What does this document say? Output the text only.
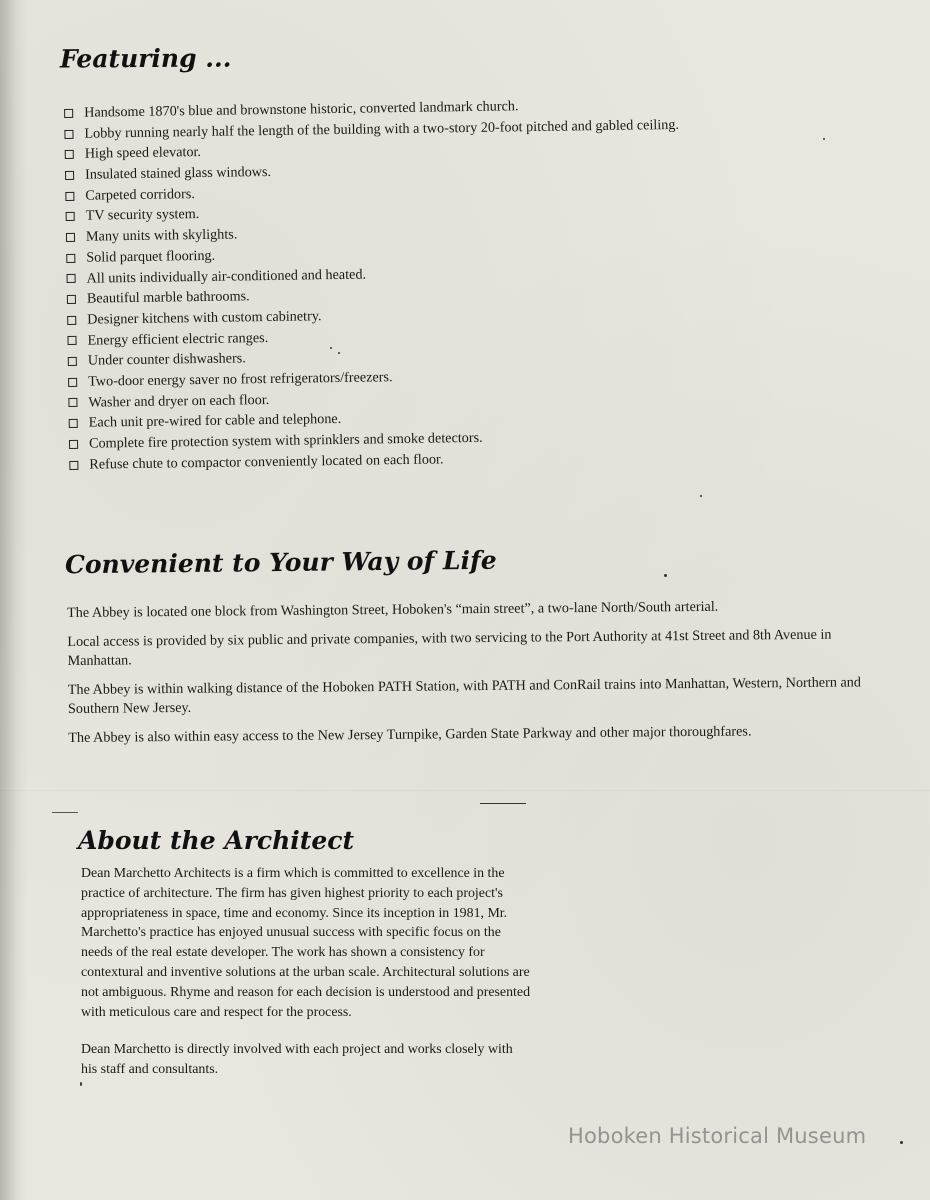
Featuring ...
Handsome 1870's blue and brownstone historic, converted landmark church.
Lobby running nearly half the length of the building with a two-story 20-foot pitched and gabled ceiling.
High speed elevator.
Insulated stained glass windows.
Carpeted corridors.
TV security system.
Many units with skylights.
Solid parquet flooring.
All units individually air-conditioned and heated.
Beautiful marble bathrooms.
Designer kitchens with custom cabinetry.
Energy efficient electric ranges.
Under counter dishwashers.
Two-door energy saver no frost refrigerators/freezers.
Washer and dryer on each floor.
Each unit pre-wired for cable and telephone.
Complete fire protection system with sprinklers and smoke detectors.
Refuse chute to compactor conveniently located on each floor.
Convenient to Your Way of Life

The Abbey is located one block from Washington Street, Hoboken's “main street”, a two-lane North/South arterial.

Local access is provided by six public and private companies, with two servicing to the Port Authority at 41st Street and 8th Avenue in Manhattan.

The Abbey is within walking distance of the Hoboken PATH Station, with PATH and ConRail trains into Manhattan, Western, Northern and Southern New Jersey.

The Abbey is also within easy access to the New Jersey Turnpike, Garden State Parkway and other major thoroughfares.

About the Architect

Dean Marchetto Architects is a firm which is committed to excellence in the practice of architecture. The firm has given highest priority to each project's appropriateness in space, time and economy. Since its inception in 1981, Mr. Marchetto's practice has enjoyed unusual success with specific focus on the needs of the real estate developer. The work has shown a consistency for contextural and inventive solutions at the urban scale. Architectural solutions are not ambiguous. Rhyme and reason for each decision is understood and presented with meticulous care and respect for the process.

Dean Marchetto is directly involved with each project and works closely with his staff and consultants.

Hoboken Historical Museum
